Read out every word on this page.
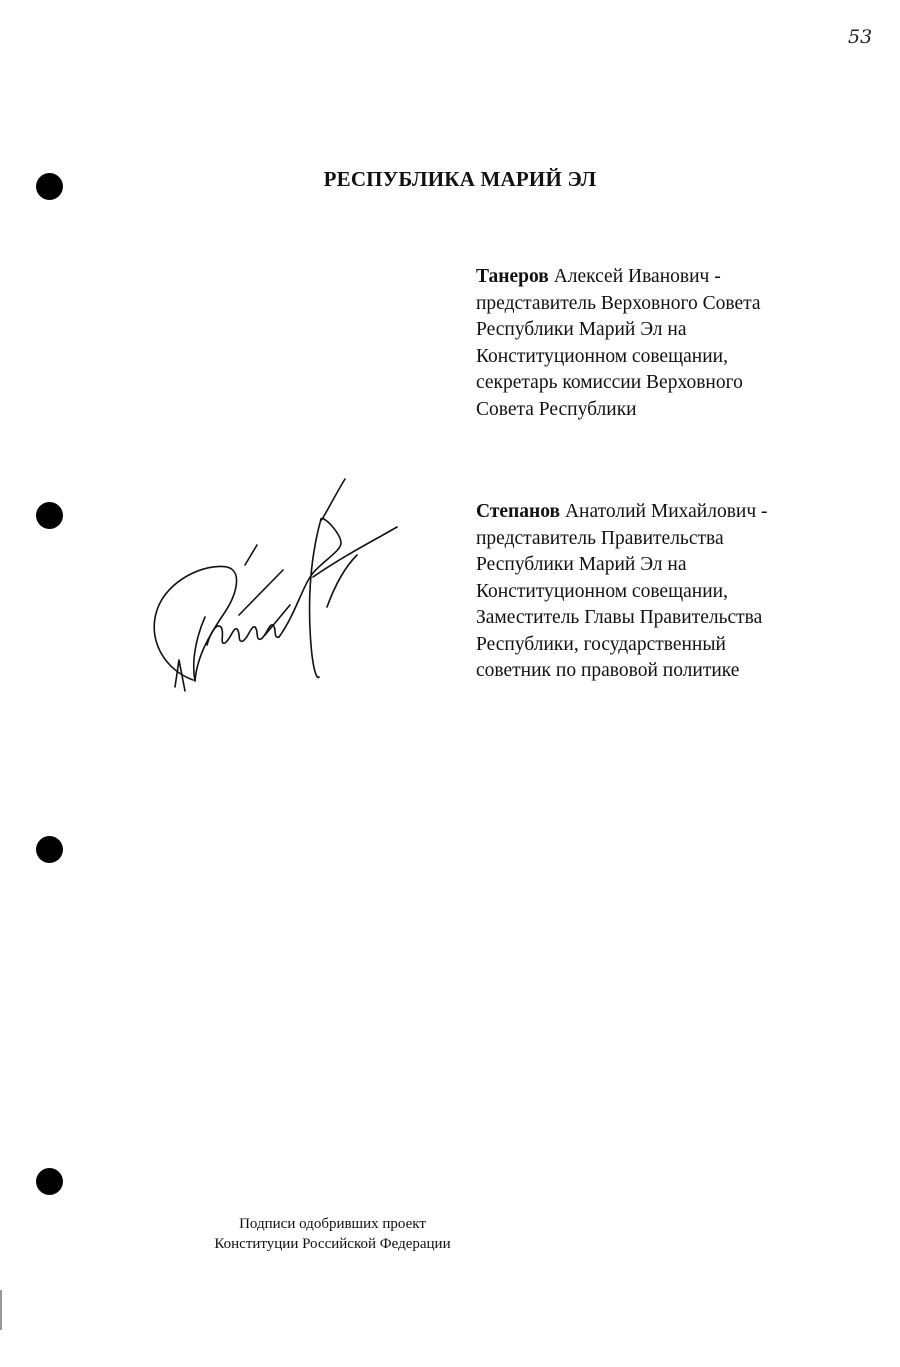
53
РЕСПУБЛИКА МАРИЙ ЭЛ
Танеров Алексей Иванович -
представитель Верховного Совета
Республики Марий Эл на
Конституционном совещании,
секретарь комиссии Верховного
Совета Республики
Степанов Анатолий Михайлович -
представитель Правительства
Республики Марий Эл на
Конституционном совещании,
Заместитель Главы Правительства
Республики, государственный
советник по правовой политике
Подписи одобривших проект
Конституции Российской Федерации
